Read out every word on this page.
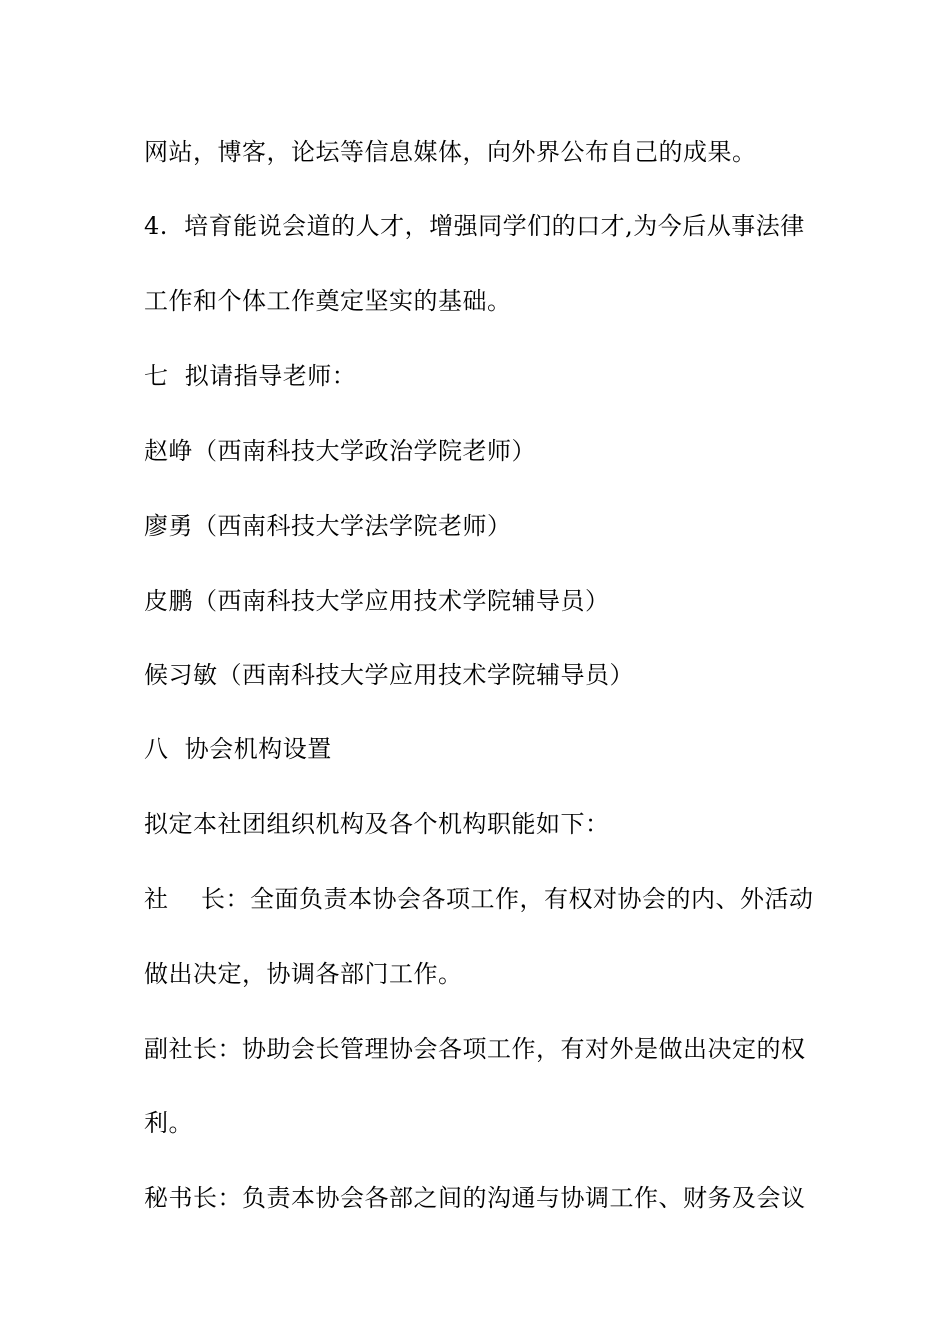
网站，博客，论坛等信息媒体，向外界公布自己的成果。

4.  培育能说会道的人才，增强同学们的口才,为今后从事法律

工作和个体工作奠定坚实的基础。

七  拟请指导老师：

赵峥（西南科技大学政治学院老师）

廖勇（西南科技大学法学院老师）

皮鹏（西南科技大学应用技术学院辅导员）

候习敏（西南科技大学应用技术学院辅导员）

八  协会机构设置

拟定本社团组织机构及各个机构职能如下：

社    长：全面负责本协会各项工作，有权对协会的内、外活动

做出决定，协调各部门工作。

副社长：协助会长管理协会各项工作，有对外是做出决定的权

利。

秘书长：负责本协会各部之间的沟通与协调工作、财务及会议
